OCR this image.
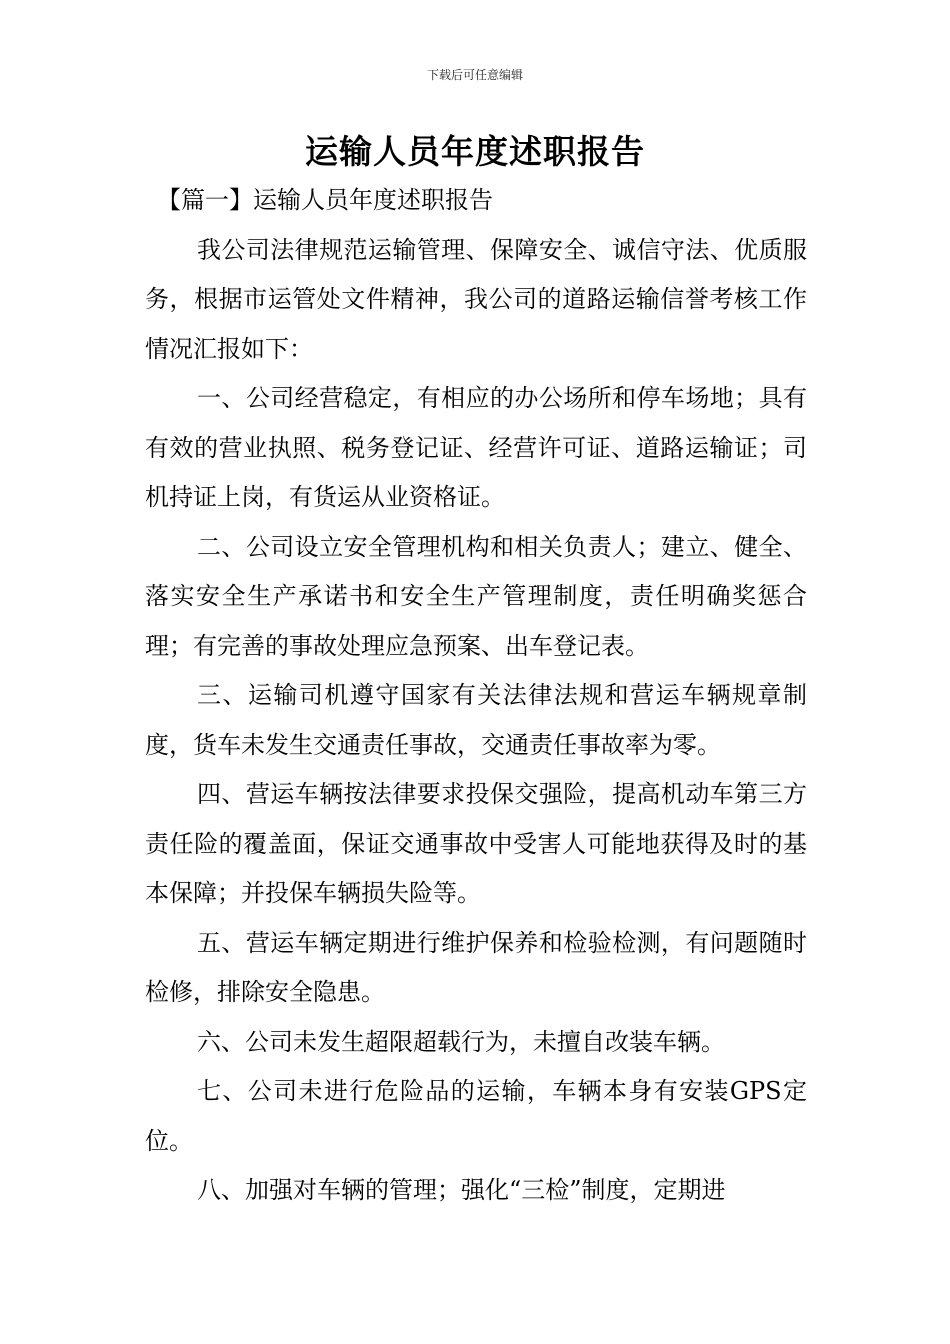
下载后可任意编辑
运输人员年度述职报告

【篇一】运输人员年度述职报告

我公司法律规范运输管理、保障安全、诚信守法、优质服务，根据市运管处文件精神，我公司的道路运输信誉考核工作情况汇报如下：

一、公司经营稳定，有相应的办公场所和停车场地；具有有效的营业执照、税务登记证、经营许可证、道路运输证；司机持证上岗，有货运从业资格证。

二、公司设立安全管理机构和相关负责人；建立、健全、落实安全生产承诺书和安全生产管理制度，责任明确奖惩合理；有完善的事故处理应急预案、出车登记表。

三、运输司机遵守国家有关法律法规和营运车辆规章制度，货车未发生交通责任事故，交通责任事故率为零。

四、营运车辆按法律要求投保交强险，提高机动车第三方责任险的覆盖面，保证交通事故中受害人可能地获得及时的基本保障；并投保车辆损失险等。

五、营运车辆定期进行维护保养和检验检测，有问题随时检修，排除安全隐患。

六、公司未发生超限超载行为，未擅自改装车辆。

七、公司未进行危险品的运输，车辆本身有安装GPS定位。

八、加强对车辆的管理；强化“三检”制度，定期进
